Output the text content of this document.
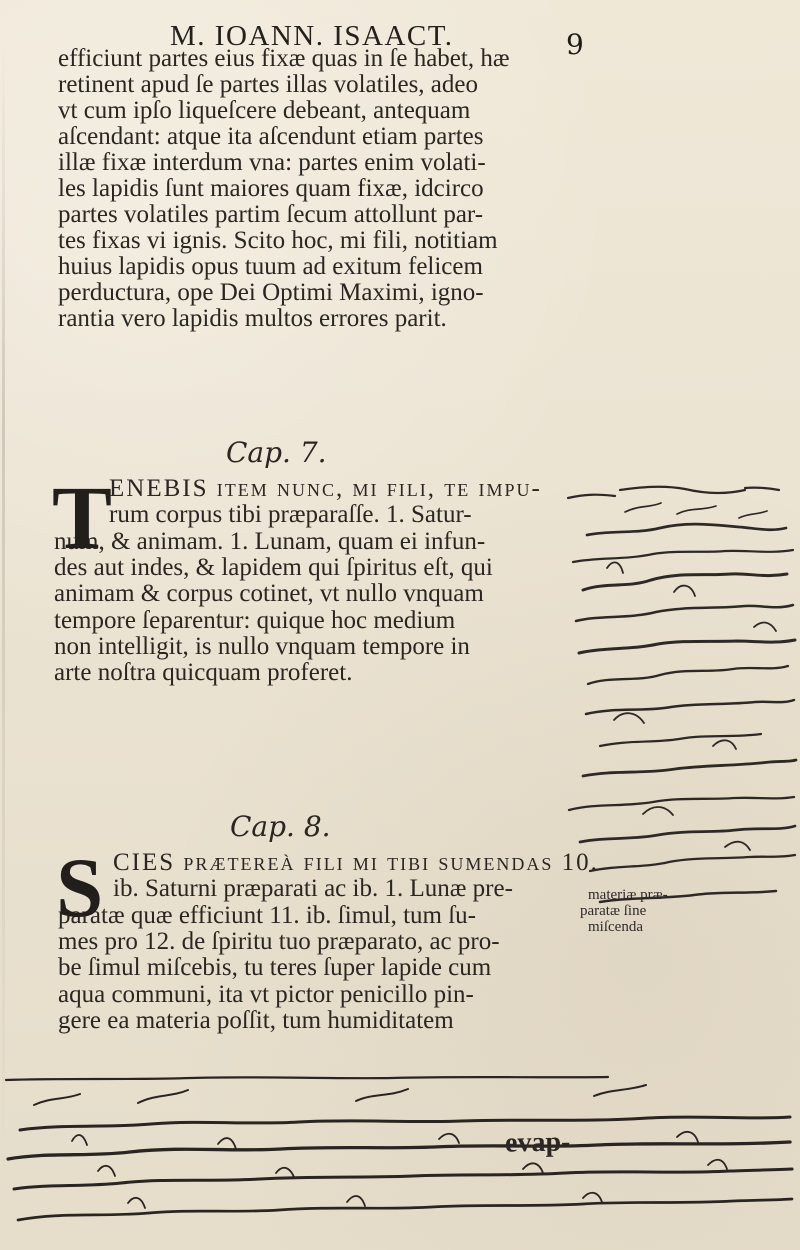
M. IOANN. ISAACT.	9
efficiunt partes eius fixæ quas in ſe habet, hæ
retinent apud ſe partes illas volatiles, adeo
vt cum ipſo liqueſcere debeant, antequam
aſcendant: atque ita aſcendunt etiam partes
illæ fixæ interdum vna: partes enim volati-
les lapidis ſunt maiores quam fixæ, idcirco
partes volatiles partim ſecum attollunt par-
tes fixas vi ignis. Scito hoc, mi fili, notitiam
huius lapidis opus tuum ad exitum felicem
perductura, ope Dei Optimi Maximi, igno-
rantia vero lapidis multos errores parit.
Cap. 7.
T
ENEBIS item nunc, mi fili, te impu-
rum corpus tibi præparaſſe. 1. Satur-
num, & animam. 1. Lunam, quam ei infun-
des aut indes, & lapidem qui ſpiritus eſt, qui
animam & corpus cotinet, vt nullo vnquam
tempore ſeparentur: quique hoc medium
non intelligit, is nullo vnquam tempore in
arte noſtra quicquam proferet.
Cap. 8.
S CIES prætereà fili mi tibi ſumendas 10.
ib. Saturni præparati ac ib. 1. Lunæ pre-
paratæ quæ efficiunt 11. ib. ſimul, tum ſu-
mes pro 12. de ſpiritu tuo præparato, ac pro-
be ſimul miſcebis, tu teres ſuper lapide cum
aqua communi, ita vt pictor penicillo pin-
gere ea materia poſſit, tum humiditatem
materiæ præ-
paratæ ſine
miſcenda
evap-
